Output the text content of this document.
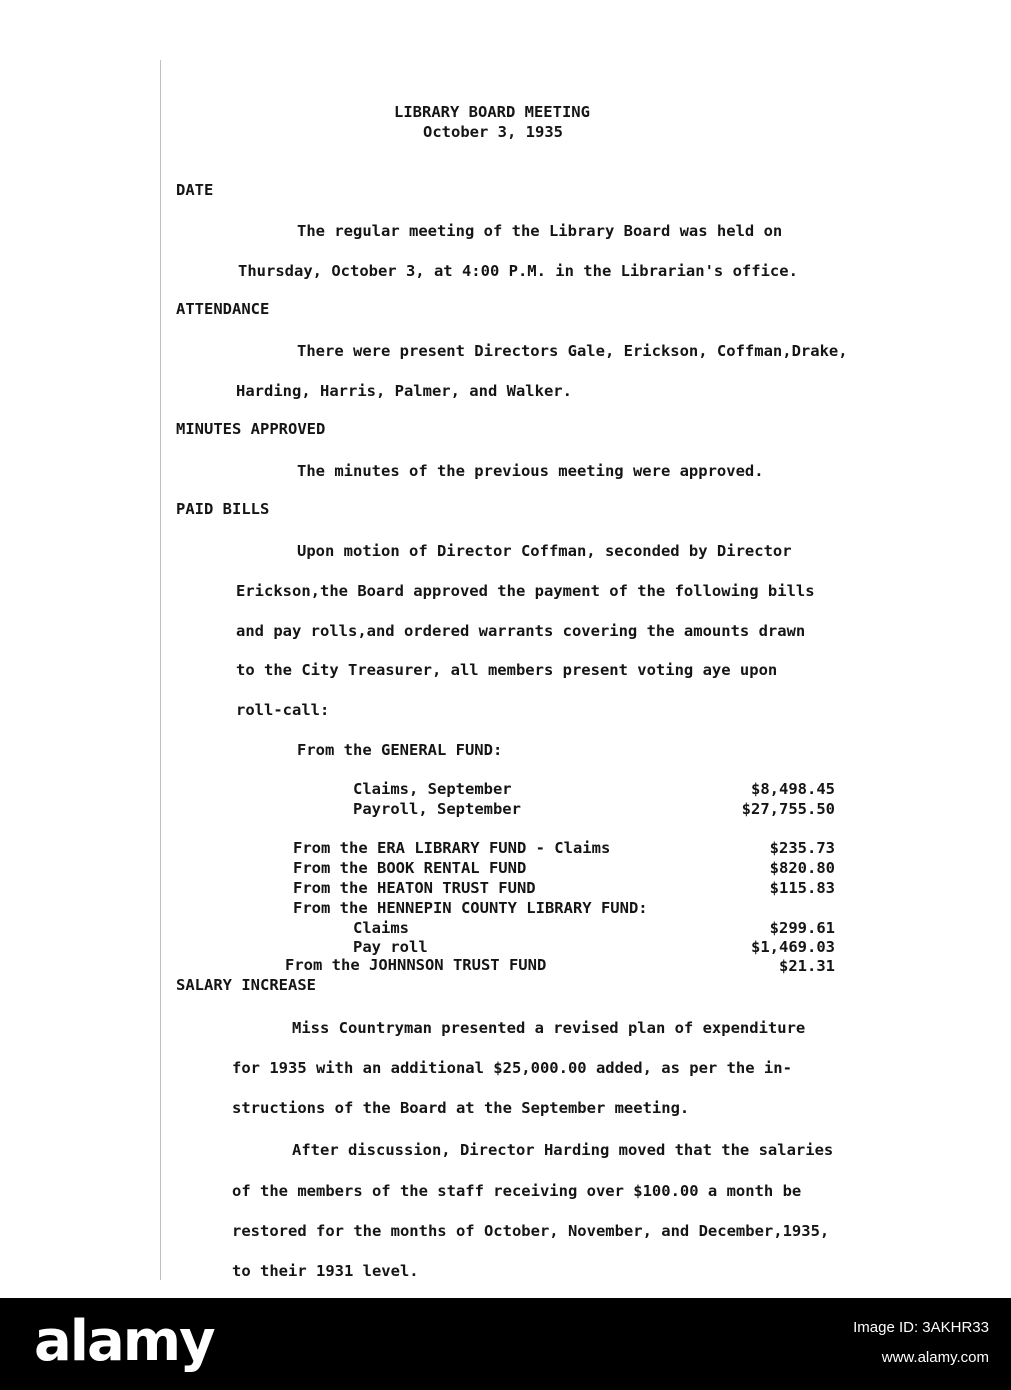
LIBRARY BOARD MEETING
October 3, 1935
DATE
The regular meeting of the Library Board was held on
Thursday, October 3, at 4:00 P.M. in the Librarian's office.
ATTENDANCE
There were present Directors Gale, Erickson, Coffman,Drake,
Harding, Harris, Palmer, and Walker.
MINUTES APPROVED
The minutes of the previous meeting were approved.
PAID BILLS
Upon motion of Director Coffman, seconded by Director
Erickson,the Board approved the payment of the following bills
and pay rolls,and ordered warrants covering the amounts drawn
to the City Treasurer, all members present voting aye upon
roll-call:
From the GENERAL FUND:
Claims, September	$8,498.45
Payroll, September	$27,755.50
From the ERA LIBRARY FUND - Claims	$235.73
From the BOOK RENTAL FUND	$820.80
From the HEATON TRUST FUND	$115.83
From the HENNEPIN COUNTY LIBRARY FUND:
Claims	$299.61
Pay roll	$1,469.03
From the JOHNNSON TRUST FUND	$21.31
SALARY INCREASE
Miss Countryman presented a revised plan of expenditure
for 1935 with an additional $25,000.00 added, as per the in-
structions of the Board at the September meeting.
After discussion, Director Harding moved that the salaries
of the members of the staff receiving over $100.00 a month be
restored for the months of October, November, and December,1935,
to their 1931 level.
alamy	Image ID: 3AKHR33
www.alamy.com
